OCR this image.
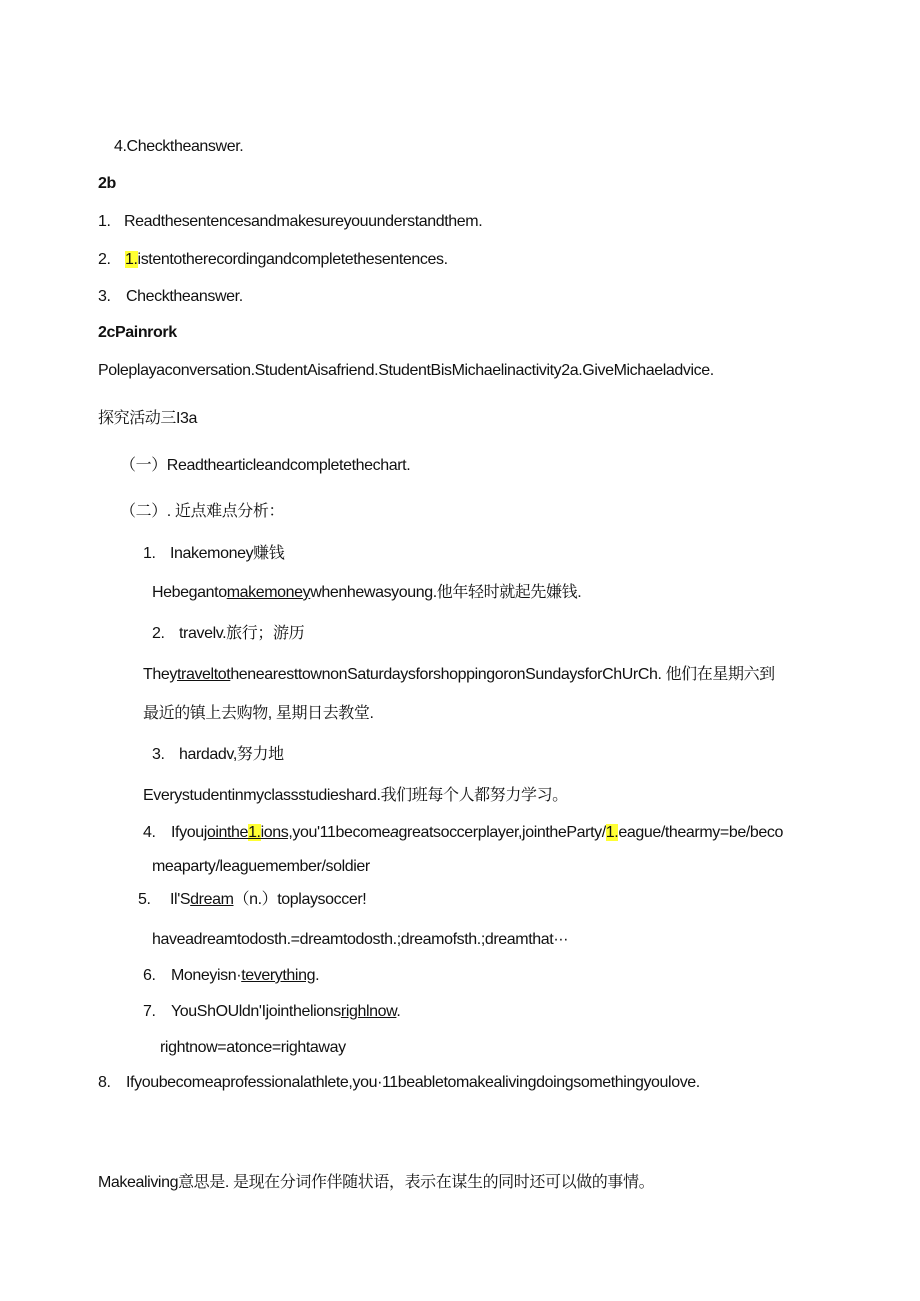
4.Checktheanswer.
2b
1. Readthesentencesandmakesureyouunderstandthem.
2. 1.istentotherecordingandcompletethesentences.
3. Checktheanswer.
2cPainrork
Poleplayaconversation.StudentAisafriend.StudentBisMichaelinactivity2a.GiveMichaeladvice.
探究活动三I3a
（一）Readthearticleandcompletethechart.
（二）. 近点难点分析：
1. Inakemoney赚钱
Hebegantomakemoneywhenhewasyoung.他年轻时就起先嫌钱.
2. travelv.旅行；游历
TheytraveltothenearesttownonSaturdaysforshoppingoronSundaysforChUrCh. 他们在星期六到
最近的镇上去购物, 星期日去教堂.
3. hardadv,努力地
Everystudentinmyclassstudieshard.我们班每个人都努力学习。
4. Ifyoujointhe1.ions,you'11becomeagreatsoccerplayer,jointheParty/1.eague/thearmy=be/beco
meaparty/leaguemember/soldier
5. Il'Sdream（n.）toplaysoccer!
haveadreamtodosth.=dreamtodosth.;dreamofsth.;dreamthat···
6. Moneyisn·teverything.
7. YouShOUldn'Ijointhelionsrighlnow.
rightnow=atonce=rightaway
8. Ifyoubecomeaprofessionalathlete,you·11beabletomakealivingdoingsomethingyoulove.
Makealiving意思是. 是现在分词作伴随状语，表示在谋生的同时还可以做的事情。
